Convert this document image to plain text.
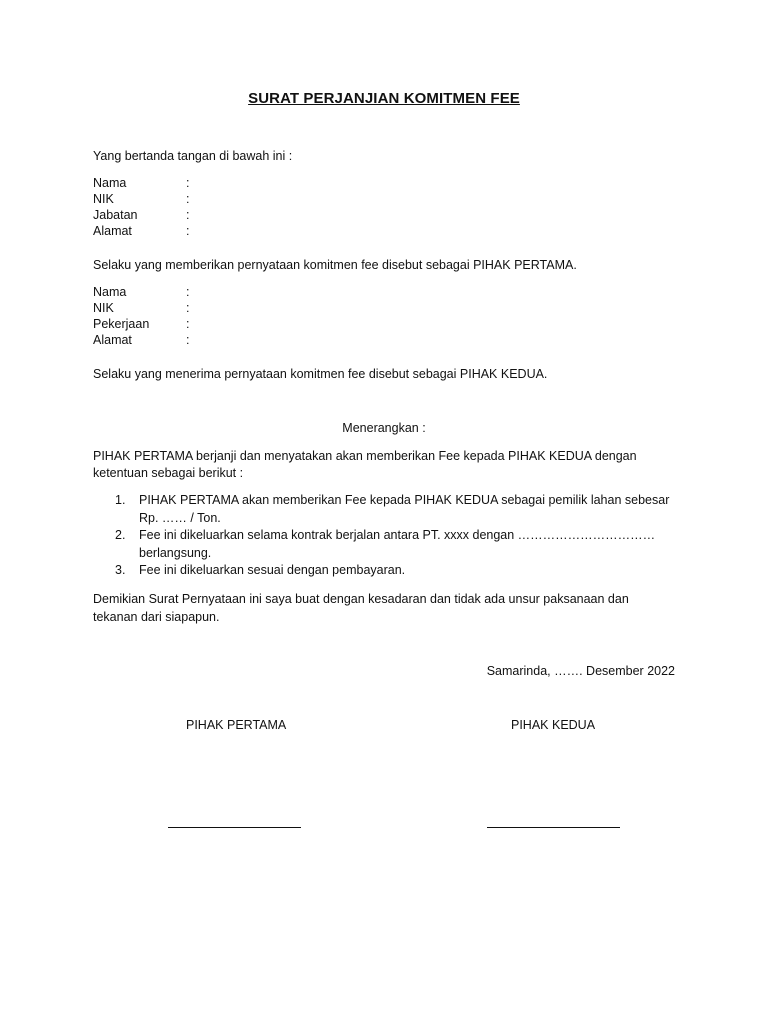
SURAT PERJANJIAN KOMITMEN FEE
Yang bertanda tangan di bawah ini :
Nama	:
NIK	:
Jabatan	:
Alamat	:
Selaku yang memberikan pernyataan komitmen fee disebut sebagai PIHAK PERTAMA.
Nama	:
NIK	:
Pekerjaan	:
Alamat	:
Selaku yang menerima pernyataan komitmen fee disebut sebagai PIHAK KEDUA.
Menerangkan :
PIHAK PERTAMA berjanji dan menyatakan akan memberikan Fee kepada PIHAK KEDUA dengan
ketentuan sebagai berikut :
1.	PIHAK PERTAMA akan memberikan Fee kepada PIHAK KEDUA sebagai pemilik lahan sebesar Rp. …… / Ton.
2.	Fee ini dikeluarkan selama kontrak berjalan antara PT. xxxx dengan …………………………… berlangsung.
3.	Fee ini dikeluarkan sesuai dengan pembayaran.
Demikian Surat Pernyataan ini saya buat dengan kesadaran dan tidak ada unsur paksanaan dan
tekanan dari siapapun.
Samarinda, ……. Desember 2022
PIHAK PERTAMA	PIHAK KEDUA
